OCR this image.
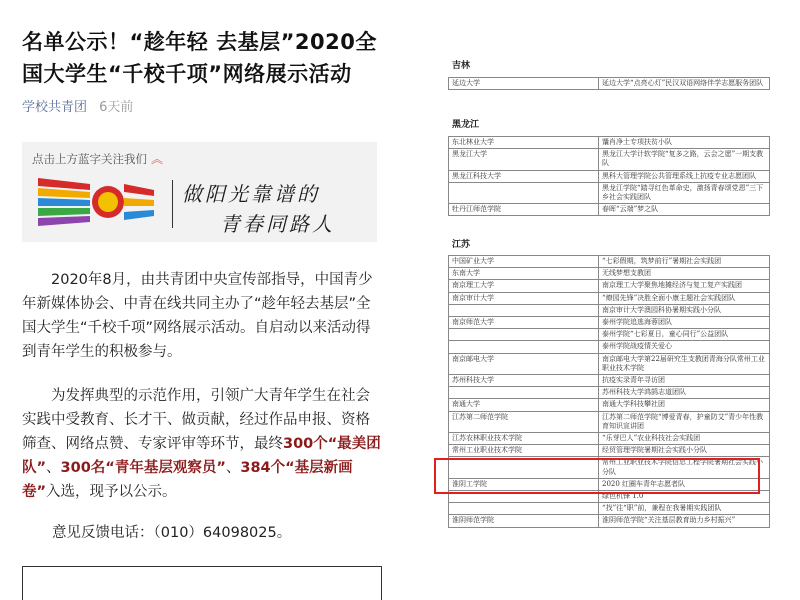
名单公示！“趁年轻 去基层”2020全国大学生“千校千项”网络展示活动
学校共青团 6天前
点击上方蓝字关注我们 ︽
做阳光靠谱的
青春同路人

2020年8月，由共青团中央宣传部指导，中国青少年新媒体协会、中青在线共同主办了“趁年轻去基层”全国大学生“千校千项”网络展示活动。自启动以来活动得到青年学生的积极参与。

为发挥典型的示范作用，引领广大青年学生在社会实践中受教育、长才干、做贡献，经过作品申报、资格筛查、网络点赞、专家评审等环节，最终300个“最美团队”、300名“青年基层观察员”、384个“基层新画卷”入选，现予以公示。

意见反馈电话：（010）64098025。
吉林
延边大学	延边大学“点亮心灯”民汉双语网络伴学志愿服务团队
黑龙江
东北林业大学	馕肖净土专项扶贫小队
黑龙江大学	黑龙江大学计软学院“复多之路，云会之愿”一期支教队
黑龙江科技大学	黑科大管理学院公共管理系线上抗疫专业志愿团队
	黑龙江学院“踏寻红色革命史，激扬青春颂党恩”三下乡社会实践团队
牡丹江师范学院	春晖“云端”梦之队
江苏
中国矿业大学	“七彩假期，筑梦前行”暑期社会实践团
东南大学	无线梦想支教团
南京理工大学	南京理工大学聚焦地摊经济与复工复产实践团
南京审计大学	“燎园先锋”决胜全面小康主题社会实践团队
	南京审计大学澳园科协暑期实践小分队
南京师范大学	泰州学院追逃海蓉团队
	泰州学院“七彩夏日，童心同行”公益团队
	泰州学院战疫情关爱心
南京邮电大学	南京邮电大学第22届研究生支教团青海分队常州工业职业技术学院
苏州科技大学	抗疫实录青年寻访团
	苏州科技大学鸿鹄志道团队
南通大学	南通大学科技攀社团
江苏第二师范学院	江苏第二师范学院“博爱青春，护童防艾”青少年性教育知识宣讲团
江苏农林职业技术学院	“乐芽巴人”农业科技社会实践团
常州工业职业技术学院	经贸管理学院暑期社会实践小分队
	常州工业职业技术学院信息工程学院暑期社会实践小分队
淮阴工学院	2020 红圈车青年志愿者队
	绿色机锋 1.0
	“找”往“职”前，兼程在我暑期实践团队
淮阴师范学院	淮阴师范学院“关注基层教育助力乡村振兴”
